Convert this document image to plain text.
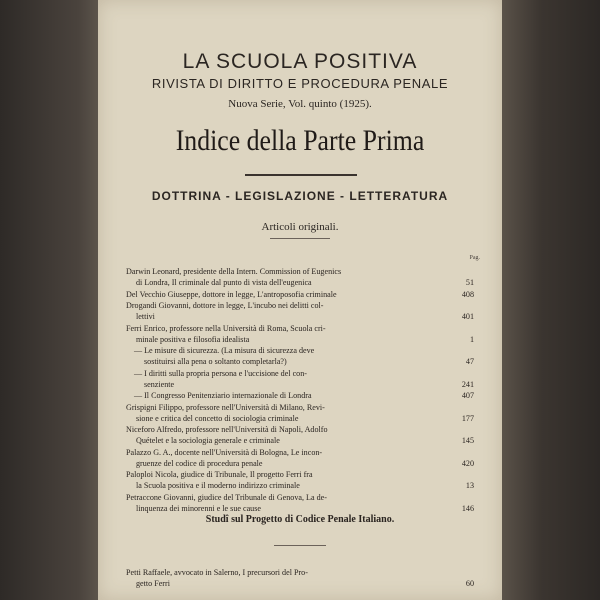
LA SCUOLA POSITIVA
RIVISTA DI DIRITTO E PROCEDURA PENALE
Nuova Serie, Vol. quinto (1925).
Indice della Parte Prima
DOTTRINA - LEGISLAZIONE - LETTERATURA
Articoli originali.
Pag.
Darwin Leonard, presidente della Intern. Commission of Eugenics
di Londra, Il criminale dal punto di vista dell'eugenica	51
Del Vecchio Giuseppe, dottore in legge, L'antroposofia criminale	408
Drogandi Giovanni, dottore in legge, L'incubo nei delitti col-
lettivi	401
Ferri Enrico, professore nella Università di Roma, Scuola cri-
minale positiva e filosofia idealista	1
— Le misure di sicurezza. (La misura di sicurezza deve
sostituirsi alla pena o soltanto completarla?)	47
— I diritti sulla propria persona e l'uccisione del con-
senziente	241
— Il Congresso Penitenziario internazionale di Londra	407
Grispigni Filippo, professore nell'Università di Milano, Revi-
sione e critica del concetto di sociologia criminale	177
Niceforo Alfredo, professore nell'Università di Napoli, Adolfo
Quételet e la sociologia generale e criminale	145
Palazzo G. A., docente nell'Università di Bologna, Le incon-
gruenze del codice di procedura penale	420
Paloploi Nicola, giudice di Tribunale, Il progetto Ferri fra
la Scuola positiva e il moderno indirizzo criminale	13
Petraccone Giovanni, giudice del Tribunale di Genova, La de-
linquenza dei minorenni e le sue cause	146
Studî sul Progetto di Codice Penale Italiano.
Petti Raffaele, avvocato in Salerno, I precursori del Pro-
getto Ferri	60
